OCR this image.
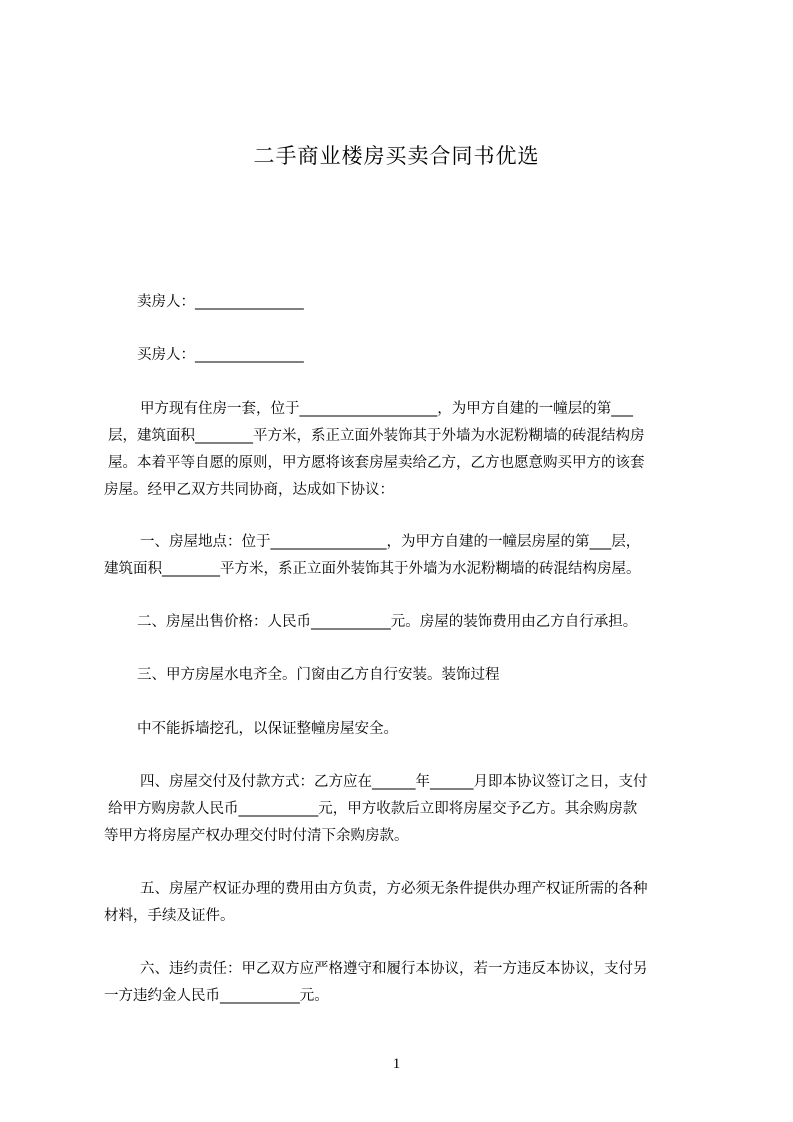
二手商业楼房买卖合同书优选
卖房人：_______________
买房人：_______________
甲方现有住房一套，位于___________________，为甲方自建的一幢层的第___
层，建筑面积________平方米，系正立面外装饰其于外墙为水泥粉糊墙的砖混结构房
屋。本着平等自愿的原则，甲方愿将该套房屋卖给乙方，乙方也愿意购买甲方的该套
房屋。经甲乙双方共同协商，达成如下协议：
一、房屋地点：位于________________，为甲方自建的一幢层房屋的第___层，
建筑面积________平方米，系正立面外装饰其于外墙为水泥粉糊墙的砖混结构房屋。
二、房屋出售价格：人民币___________元。房屋的装饰费用由乙方自行承担。
三、甲方房屋水电齐全。门窗由乙方自行安装。装饰过程
中不能拆墙挖孔，以保证整幢房屋安全。
四、房屋交付及付款方式：乙方应在______年______月即本协议签订之日，支付
给甲方购房款人民币___________元，甲方收款后立即将房屋交予乙方。其余购房款
等甲方将房屋产权办理交付时付清下余购房款。
五、房屋产权证办理的费用由方负责，方必须无条件提供办理产权证所需的各种
材料，手续及证件。
六、违约责任：甲乙双方应严格遵守和履行本协议，若一方违反本协议，支付另
一方违约金人民币___________元。
1
